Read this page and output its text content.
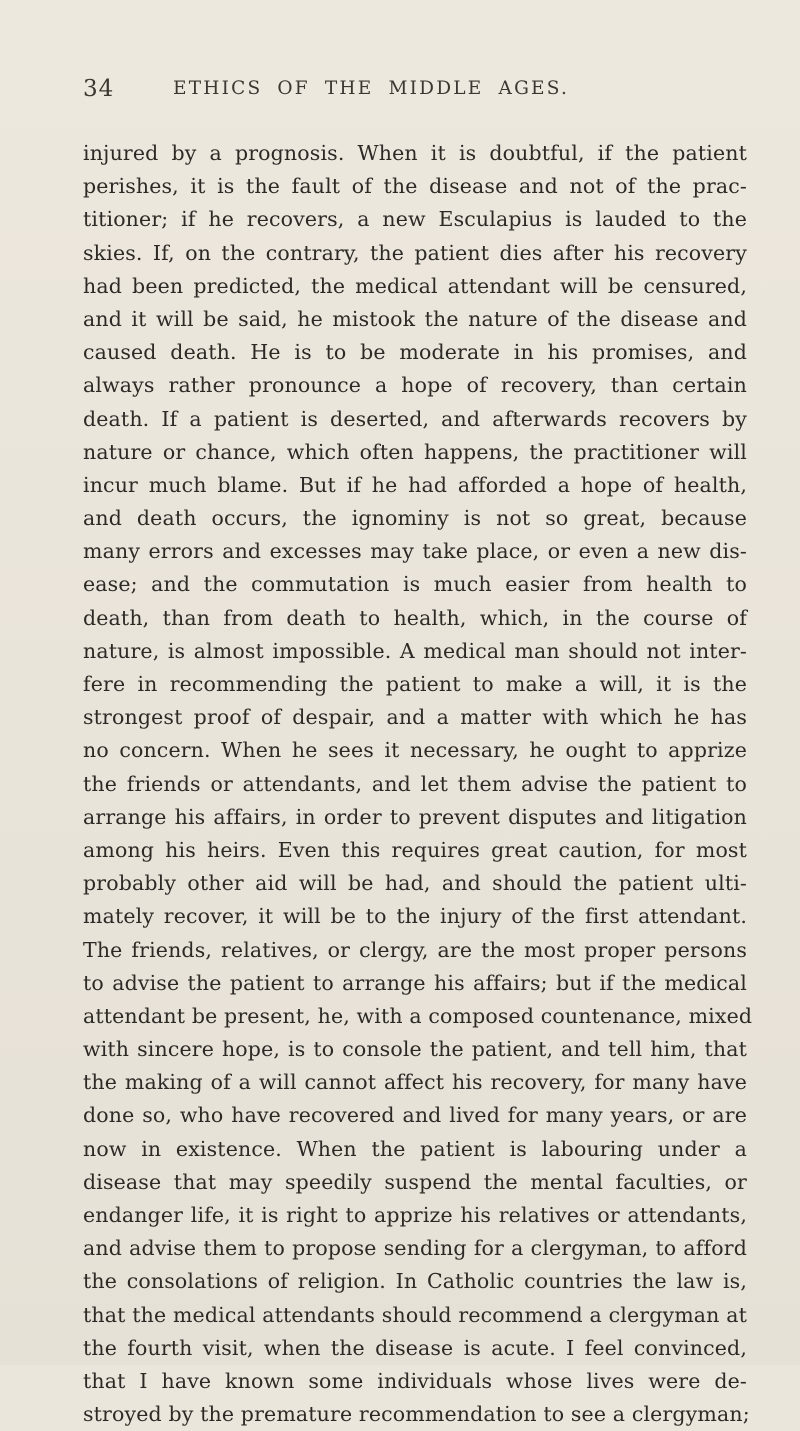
34	ETHICS OF THE MIDDLE AGES.
injured by a prognosis. When it is doubtful, if the patient
perishes, it is the fault of the disease and not of the prac-
titioner; if he recovers, a new Esculapius is lauded to the
skies. If, on the contrary, the patient dies after his recovery
had been predicted, the medical attendant will be censured,
and it will be said, he mistook the nature of the disease and
caused death. He is to be moderate in his promises, and
always rather pronounce a hope of recovery, than certain
death. If a patient is deserted, and afterwards recovers by
nature or chance, which often happens, the practitioner will
incur much blame. But if he had afforded a hope of health,
and death occurs, the ignominy is not so great, because
many errors and excesses may take place, or even a new dis-
ease; and the commutation is much easier from health to
death, than from death to health, which, in the course of
nature, is almost impossible. A medical man should not inter-
fere in recommending the patient to make a will, it is the
strongest proof of despair, and a matter with which he has
no concern. When he sees it necessary, he ought to apprize
the friends or attendants, and let them advise the patient to
arrange his affairs, in order to prevent disputes and litigation
among his heirs. Even this requires great caution, for most
probably other aid will be had, and should the patient ulti-
mately recover, it will be to the injury of the first attendant.
The friends, relatives, or clergy, are the most proper persons
to advise the patient to arrange his affairs; but if the medical
attendant be present, he, with a composed countenance, mixed
with sincere hope, is to console the patient, and tell him, that
the making of a will cannot affect his recovery, for many have
done so, who have recovered and lived for many years, or are
now in existence. When the patient is labouring under a
disease that may speedily suspend the mental faculties, or
endanger life, it is right to apprize his relatives or attendants,
and advise them to propose sending for a clergyman, to afford
the consolations of religion. In Catholic countries the law is,
that the medical attendants should recommend a clergyman at
the fourth visit, when the disease is acute. I feel convinced,
that I have known some individuals whose lives were de-
stroyed by the premature recommendation to see a clergyman;
